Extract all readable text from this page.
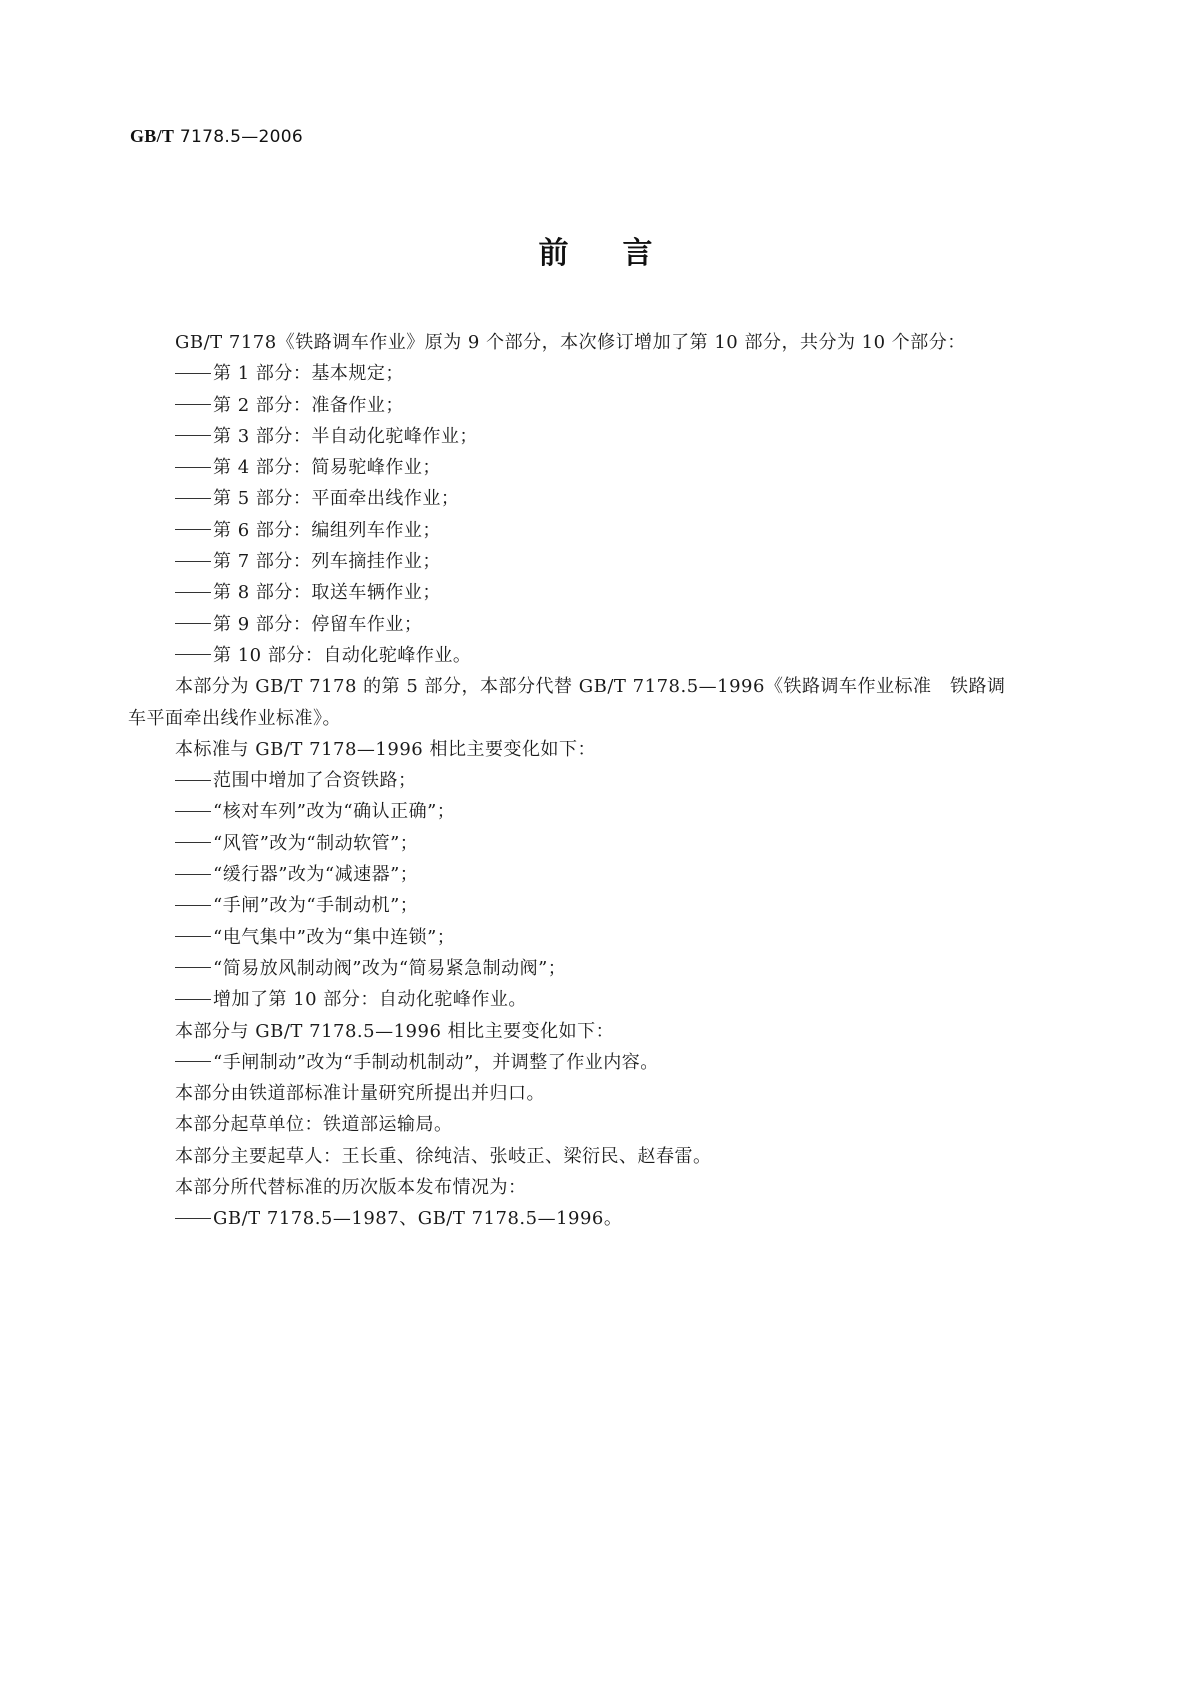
GB/T 7178.5—2006
前言
GB/T 7178《铁路调车作业》原为 9 个部分，本次修订增加了第 10 部分，共分为 10 个部分：
第 1 部分：基本规定；
第 2 部分：准备作业；
第 3 部分：半自动化驼峰作业；
第 4 部分：简易驼峰作业；
第 5 部分：平面牵出线作业；
第 6 部分：编组列车作业；
第 7 部分：列车摘挂作业；
第 8 部分：取送车辆作业；
第 9 部分：停留车作业；
第 10 部分：自动化驼峰作业。
本部分为 GB/T 7178 的第 5 部分，本部分代替 GB/T 7178.5—1996《铁路调车作业标准　铁路调
车平面牵出线作业标准》。
本标准与 GB/T 7178—1996 相比主要变化如下：
范围中增加了合资铁路；
“核对车列”改为“确认正确”；
“风管”改为“制动软管”；
“缓行器”改为“减速器”；
“手闸”改为“手制动机”；
“电气集中”改为“集中连锁”；
“简易放风制动阀”改为“简易紧急制动阀”；
增加了第 10 部分：自动化驼峰作业。
本部分与 GB/T 7178.5—1996 相比主要变化如下：
“手闸制动”改为“手制动机制动”，并调整了作业内容。
本部分由铁道部标准计量研究所提出并归口。
本部分起草单位：铁道部运输局。
本部分主要起草人：王长重、徐纯洁、张岐正、梁衍民、赵春雷。
本部分所代替标准的历次版本发布情况为：
GB/T 7178.5—1987、GB/T 7178.5—1996。
